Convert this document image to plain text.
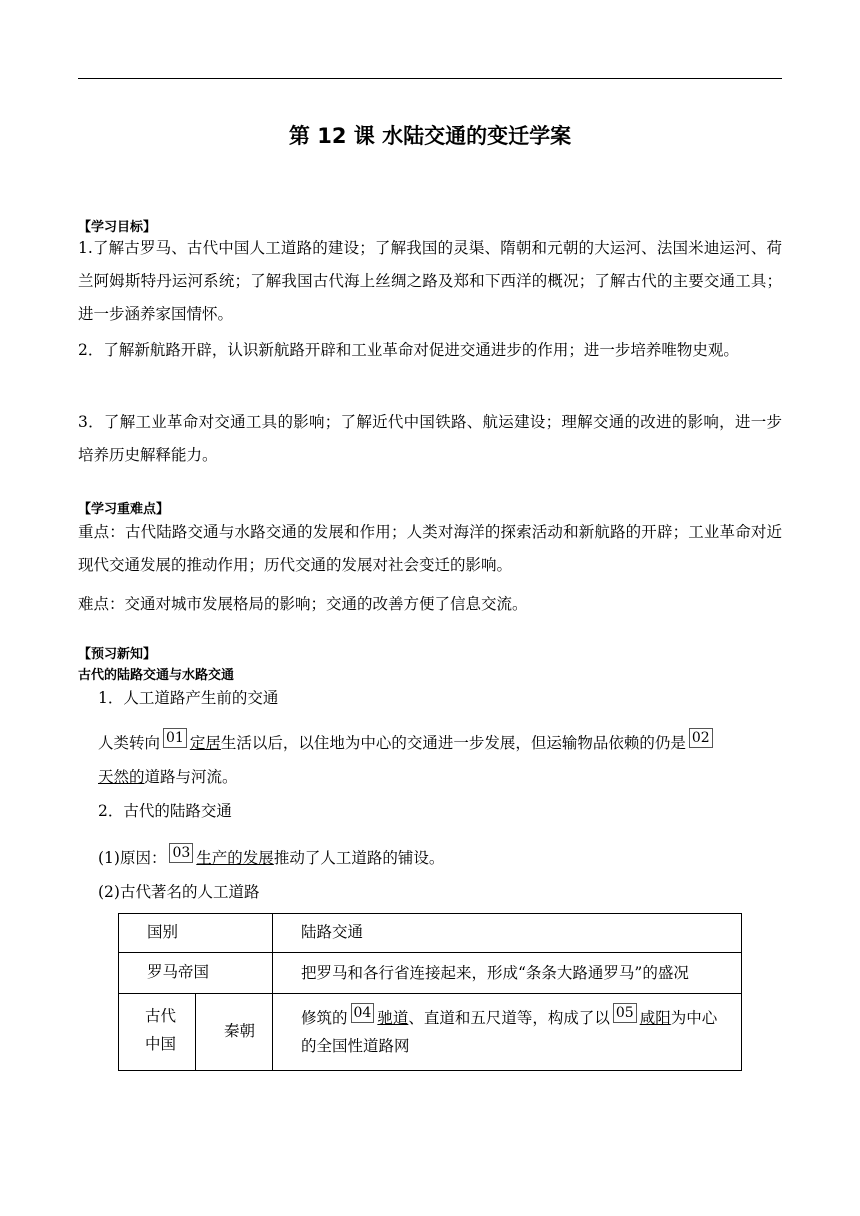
第 12 课 水陆交通的变迁学案
【学习目标】
1.了解古罗马、古代中国人工道路的建设；了解我国的灵渠、隋朝和元朝的大运河、法国米迪运河、荷兰阿姆斯特丹运河系统；了解我国古代海上丝绸之路及郑和下西洋的概况；了解古代的主要交通工具；进一步涵养家国情怀。
2．了解新航路开辟，认识新航路开辟和工业革命对促进交通进步的作用；进一步培养唯物史观。
3．了解工业革命对交通工具的影响；了解近代中国铁路、航运建设；理解交通的改进的影响，进一步培养历史解释能力。
【学习重难点】
重点：古代陆路交通与水路交通的发展和作用；人类对海洋的探索活动和新航路的开辟；工业革命对近现代交通发展的推动作用；历代交通的发展对社会变迁的影响。
难点：交通对城市发展格局的影响；交通的改善方便了信息交流。
【预习新知】
古代的陆路交通与水路交通
1．人工道路产生前的交通
人类转向 01 定居生活以后，以住地为中心的交通进一步发展，但运输物品依赖的仍是 02
天然的道路与河流。
2．古代的陆路交通
(1)原因： 03 生产的发展推动了人工道路的铺设。
(2)古代著名的人工道路
国别		陆路交通
罗马帝国		把罗马和各行省连接起来，形成“条条大路通罗马”的盛况

古代
中国	秦朝	修筑的 04 驰道、直道和五尺道等，构成了以 05 咸阳为中心的全国性道路网
